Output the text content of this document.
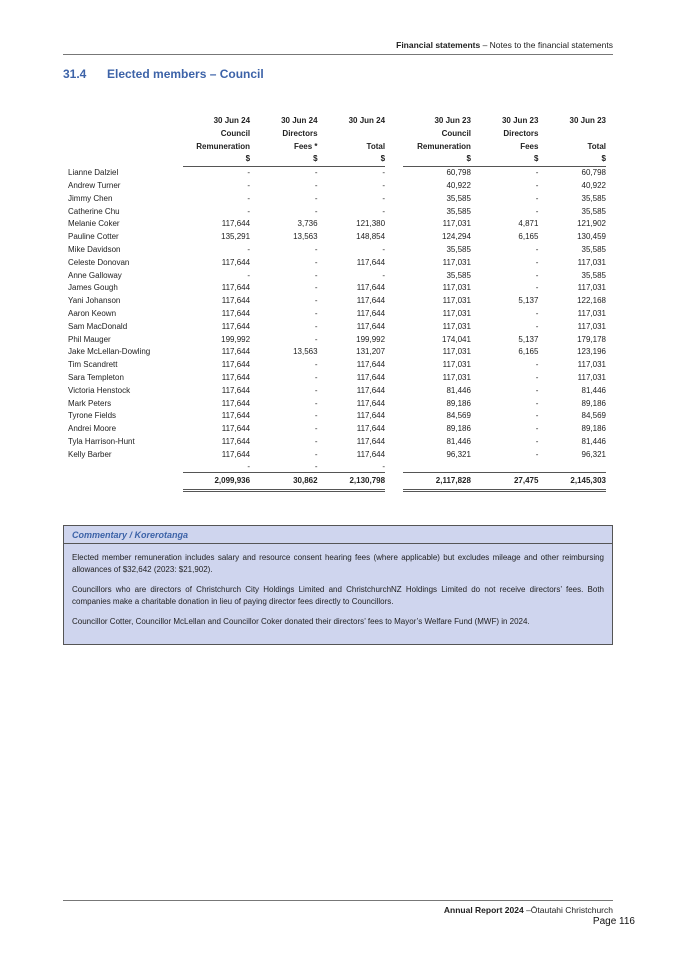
Financial statements – Notes to the financial statements
31.4 Elected members – Council
	30 Jun 24	30 Jun 24	30 Jun 24		30 Jun 23	30 Jun 23	30 Jun 23
	Council	Directors			Council	Directors	
	Remuneration	Fees *	Total		Remuneration	Fees	Total
	$	$	$		$	$	$
Lianne Dalziel	-	-	-		60,798	-	60,798
Andrew Turner	-	-	-		40,922	-	40,922
Jimmy Chen	-	-	-		35,585	-	35,585
Catherine Chu	-	-	-		35,585	-	35,585
Melanie Coker	117,644	3,736	121,380		117,031	4,871	121,902
Pauline Cotter	135,291	13,563	148,854		124,294	6,165	130,459
Mike Davidson	-	-	-		35,585	-	35,585
Celeste Donovan	117,644	-	117,644		117,031	-	117,031
Anne Galloway	-	-	-		35,585	-	35,585
James Gough	117,644	-	117,644		117,031	-	117,031
Yani Johanson	117,644	-	117,644		117,031	5,137	122,168
Aaron Keown	117,644	-	117,644		117,031	-	117,031
Sam MacDonald	117,644	-	117,644		117,031	-	117,031
Phil Mauger	199,992	-	199,992		174,041	5,137	179,178
Jake McLellan-Dowling	117,644	13,563	131,207		117,031	6,165	123,196
Tim Scandrett	117,644	-	117,644		117,031	-	117,031
Sara Templeton	117,644	-	117,644		117,031	-	117,031
Victoria Henstock	117,644	-	117,644		81,446	-	81,446
Mark Peters	117,644	-	117,644		89,186	-	89,186
Tyrone Fields	117,644	-	117,644		84,569	-	84,569
Andrei Moore	117,644	-	117,644		89,186	-	89,186
Tyla Harrison-Hunt	117,644	-	117,644		81,446	-	81,446
Kelly Barber	117,644	-	117,644		96,321	-	96,321
	-	-	-				
	2,099,936	30,862	2,130,798		2,117,828	27,475	2,145,303
Commentary / Korerotanga

Elected member remuneration includes salary and resource consent hearing fees (where applicable) but excludes mileage and other reimbursing allowances of $32,642 (2023: $21,902).

Councillors who are directors of Christchurch City Holdings Limited and ChristchurchNZ Holdings Limited do not receive directors’ fees. Both companies make a charitable donation in lieu of paying director fees directly to Councillors.

Councillor Cotter, Councillor McLellan and Councillor Coker donated their directors’ fees to Mayor’s Welfare Fund (MWF) in 2024.

Annual Report 2024 –Ōtautahi Christchurch
Page 116
